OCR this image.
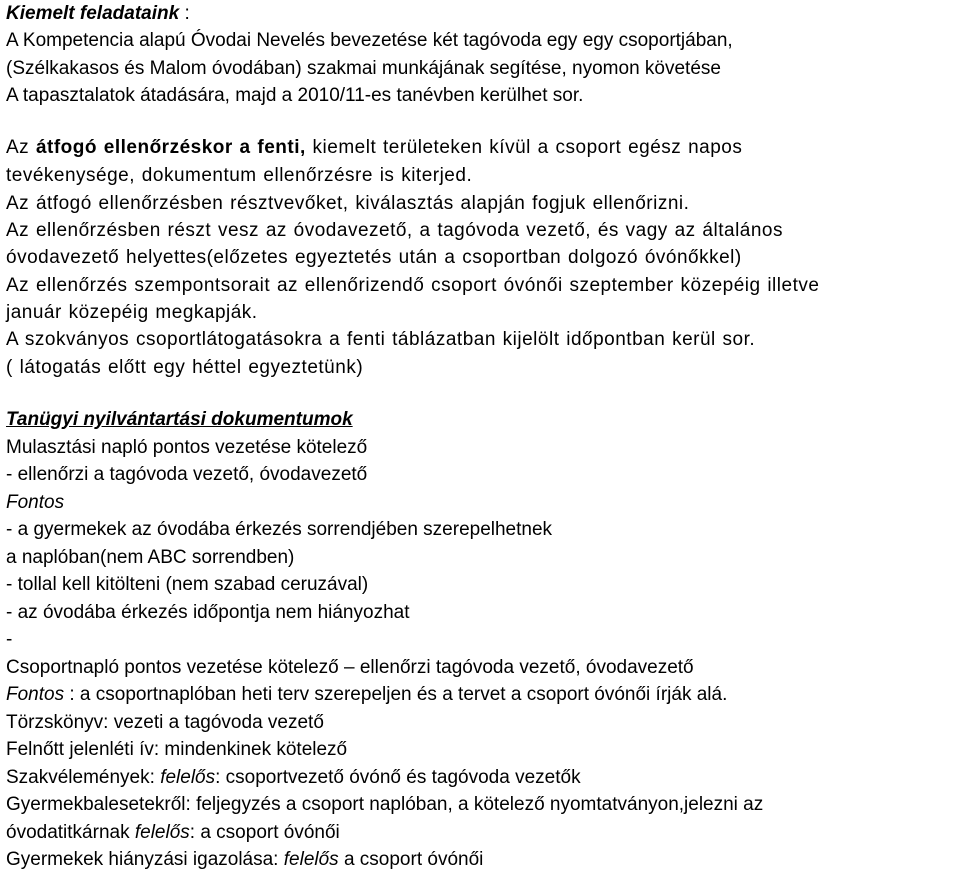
Kiemelt feladataink :
A Kompetencia alapú Óvodai Nevelés bevezetése két tagóvoda egy egy csoportjában,
(Szélkakasos és Malom óvodában) szakmai munkájának segítése, nyomon követése
A tapasztalatok átadására, majd a 2010/11-es tanévben kerülhet sor.
Az átfogó ellenőrzéskor a fenti, kiemelt területeken kívül a csoport egész napos
tevékenysége, dokumentum ellenőrzésre is kiterjed.
Az átfogó ellenőrzésben résztvevőket, kiválasztás alapján fogjuk ellenőrizni.
Az ellenőrzésben részt vesz az óvodavezető, a tagóvoda vezető, és vagy az általános
óvodavezető helyettes(előzetes egyeztetés után a csoportban dolgozó óvónőkkel)
Az ellenőrzés szempontsorait az ellenőrizendő csoport óvónői szeptember közepéig illetve
január közepéig megkapják.
A szokványos csoportlátogatásokra a fenti táblázatban kijelölt időpontban kerül sor.
( látogatás előtt egy héttel egyeztetünk)
Tanügyi nyilvántartási dokumentumok
Mulasztási napló pontos vezetése kötelező
- ellenőrzi a tagóvoda vezető, óvodavezető
Fontos
- a gyermekek az óvodába érkezés sorrendjében szerepelhetnek
a naplóban(nem ABC sorrendben)
- tollal kell kitölteni (nem szabad ceruzával)
- az óvodába érkezés időpontja nem hiányozhat
-
Csoportnapló pontos vezetése kötelező – ellenőrzi tagóvoda vezető, óvodavezető
Fontos : a csoportnaplóban heti terv szerepeljen és a tervet a csoport óvónői írják alá.
Törzskönyv: vezeti a tagóvoda vezető
Felnőtt jelenléti ív: mindenkinek kötelező
Szakvélemények: felelős: csoportvezető óvónő és tagóvoda vezetők
Gyermekbalesetekről: feljegyzés a csoport naplóban, a kötelező nyomtatványon,jelezni az
óvodatitkárnak felelős: a csoport óvónői
Gyermekek hiányzási igazolása: felelős a csoport óvónői
